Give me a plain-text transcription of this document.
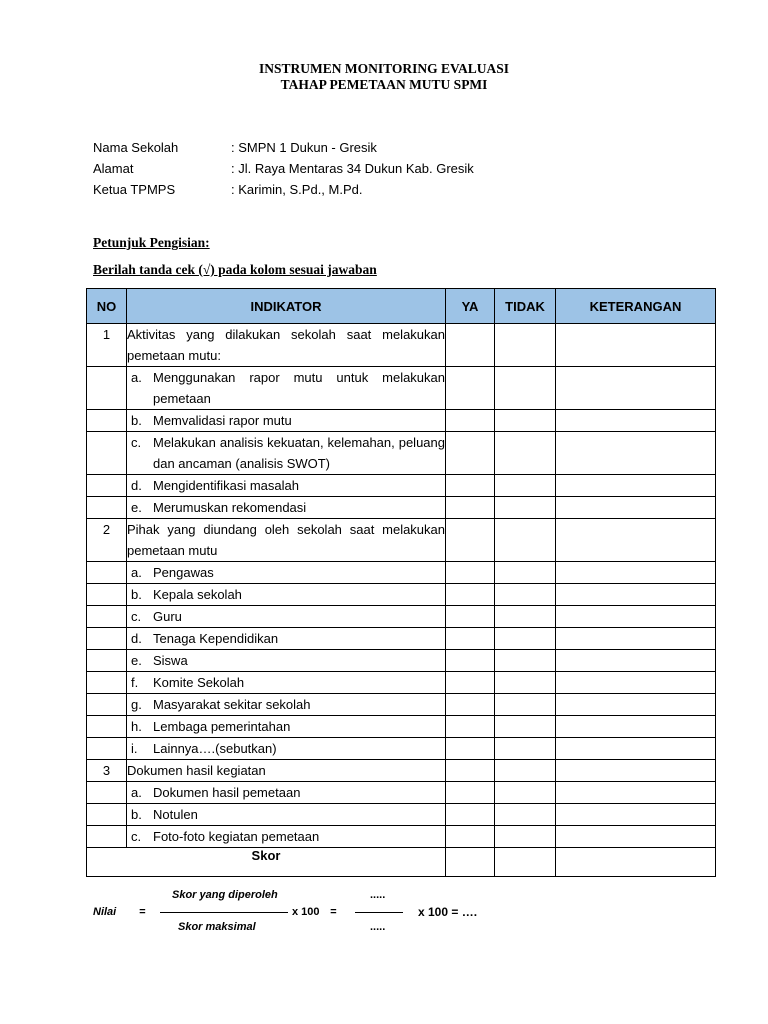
INSTRUMEN MONITORING EVALUASI
TAHAP PEMETAAN MUTU SPMI
Nama Sekolah	: SMPN 1 Dukun - Gresik
Alamat	: Jl. Raya Mentaras 34 Dukun Kab. Gresik
Ketua TPMPS	: Karimin, S.Pd., M.Pd.
Petunjuk Pengisian:
Berilah tanda cek (√) pada kolom sesuai jawaban
NO	INDIKATOR	YA	TIDAK	KETERANGAN
1	Aktivitas yang dilakukan sekolah saat melakukan pemetaan mutu:			

	a. Menggunakan rapor mutu untuk melakukan pemetaan			

	b. Memvalidasi rapor mutu			

	c. Melakukan analisis kekuatan, kelemahan, peluang dan ancaman (analisis SWOT)			

	d. Mengidentifikasi masalah			

	e. Merumuskan rekomendasi			

2	Pihak yang diundang oleh sekolah saat melakukan pemetaan mutu			

	a. Pengawas			

	b. Kepala sekolah			

	c. Guru			

	d. Tenaga Kependidikan			

	e. Siswa			

	f. Komite Sekolah			

	g. Masyarakat sekitar sekolah			

	h. Lembaga pemerintahan			

	i. Lainnya….(sebutkan)			

3	Dokumen hasil kegiatan			

	a. Dokumen hasil pemetaan			

	b. Notulen			

	c. Foto-foto kegiatan pemetaan			

Skor				
Nilai =
Skor yang diperoleh
Skor maksimal
x 100 =
.....
.....
x 100 = ….
